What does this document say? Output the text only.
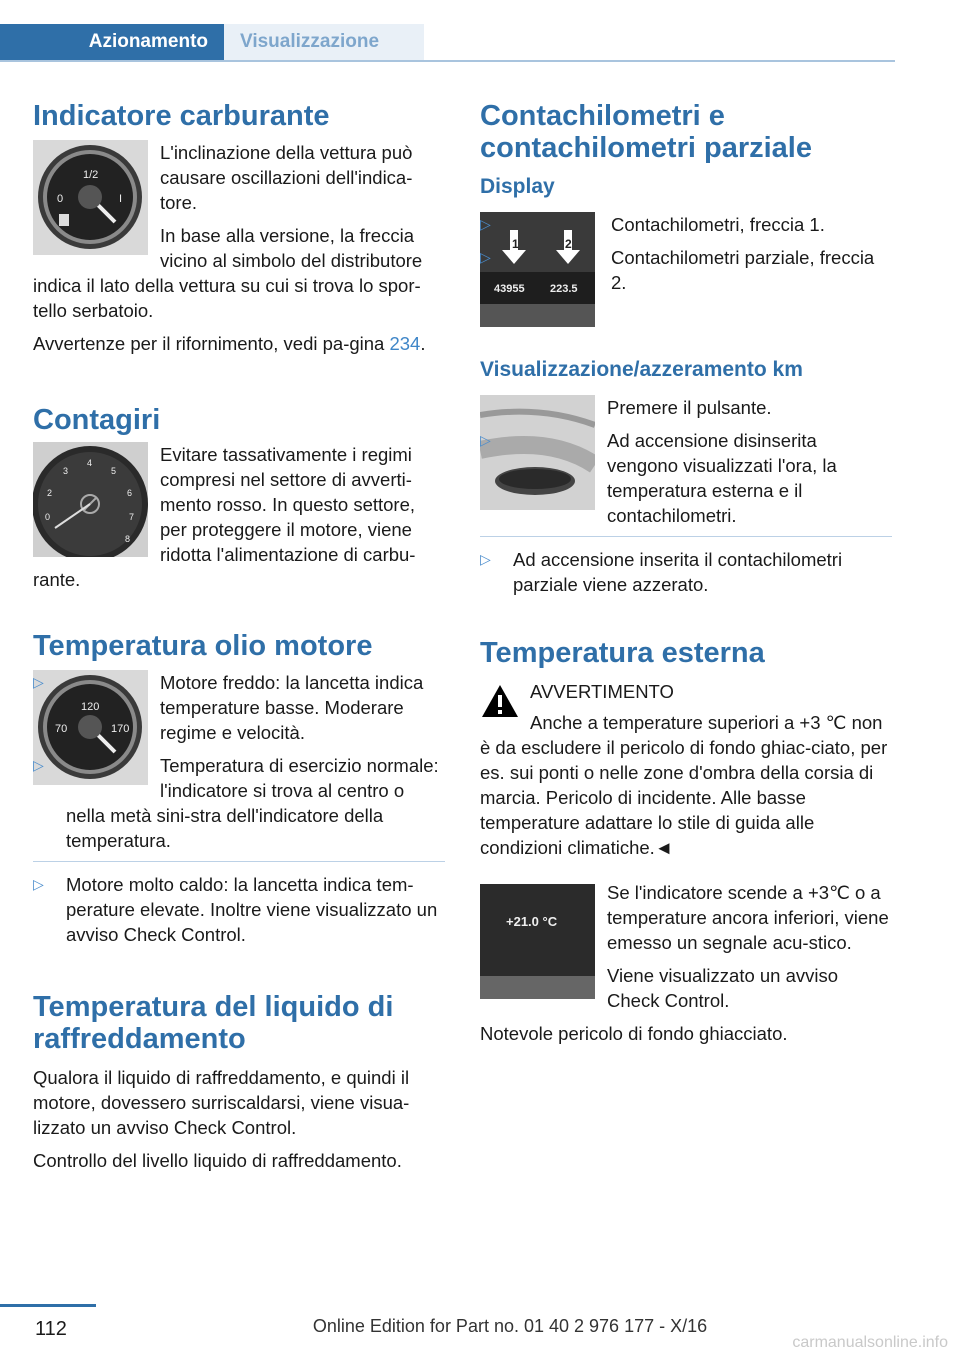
Azionamento	Visualizzazione
Indicatore carburante
1/2
0	I

L'inclinazione della vettura può causare oscillazioni dell'indica-tore.

In base alla versione, la freccia vicino al simbolo del distributore indica il lato della vettura su cui si trova lo spor-tello serbatoio.

Avvertenze per il rifornimento, vedi pa-gina 234.

Contagiri
0
2
3
4
5
6
7
8

Evitare tassativamente i regimi compresi nel settore di avverti-mento rosso. In questo settore, per proteggere il motore, viene ridotta l'alimentazione di carbu-rante.

Temperatura olio motore
120
70	170
▷	Motore freddo: la lancetta indica temperature basse. Moderare regime e velocità.
▷	Temperatura di esercizio normale: l'indicatore si trova al centro o nella metà sini-stra dell'indicatore della temperatura.
▷ Motore molto caldo: la lancetta indica tem-perature elevate. Inoltre viene visualizzato un avviso Check Control.
Temperatura del liquido di raffreddamento

Qualora il liquido di raffreddamento, e quindi il motore, dovessero surriscaldarsi, viene visua-lizzato un avviso Check Control.

Controllo del livello liquido di raffreddamento.

Contachilometri e contachilometri parziale
Display
1	2
43955 223.5
▷	Contachilometri, freccia 1.
▷	Contachilometri parziale, freccia 2.
Visualizzazione/azzeramento km

Premere il pulsante.

▷	Ad accensione disinserita vengono visualizzati l'ora, la temperatura esterna e il contachilometri.
▷ Ad accensione inserita il contachilometri parziale viene azzerato.
Temperatura esterna

AVVERTIMENTO

Anche a temperature superiori a +3 ℃ non è da escludere il pericolo di fondo ghiac-ciato, per es. sui ponti o nelle zone d'ombra della corsia di marcia. Pericolo di incidente. Alle basse temperature adattare lo stile di guida alle condizioni climatiche.◄

+21.0 °C

Se l'indicatore scende a +3℃ o a temperature ancora inferiori, viene emesso un segnale acu-stico.

Viene visualizzato un avviso Check Control.

Notevole pericolo di fondo ghiacciato.

112	Online Edition for Part no. 01 40 2 976 177 - X/16
carmanualsonline.info
